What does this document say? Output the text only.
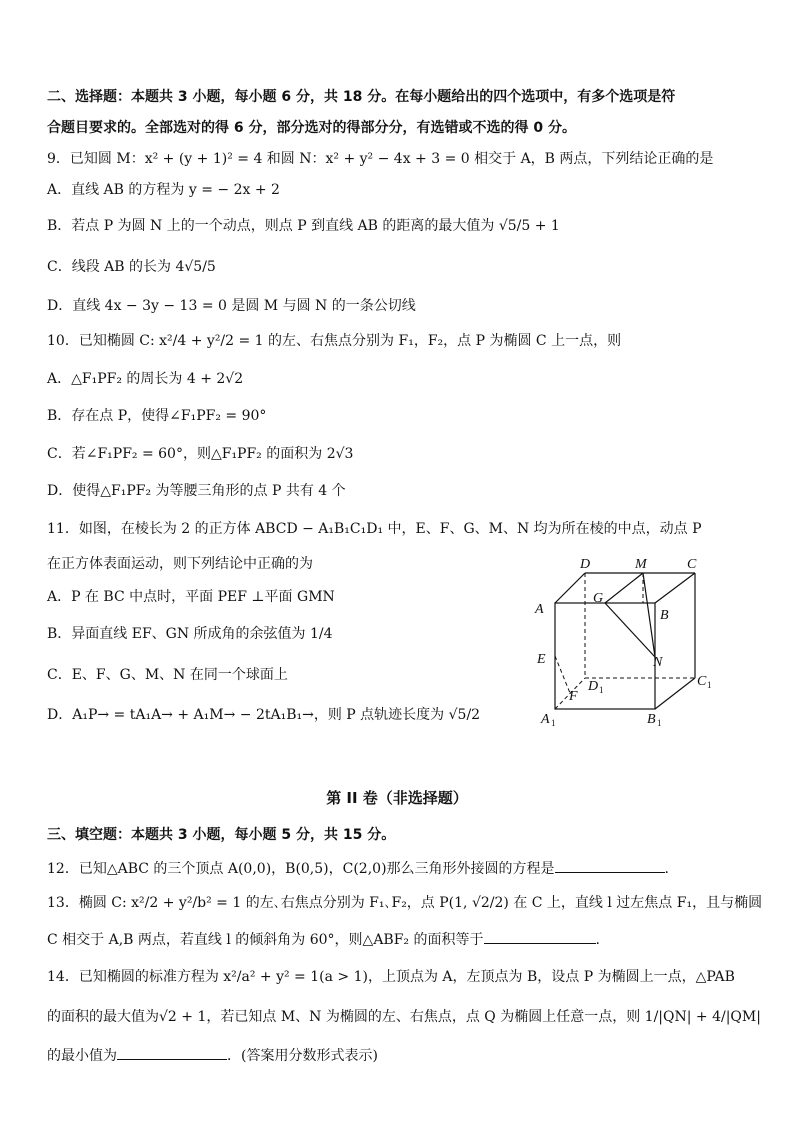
二、选择题：本题共 3 小题，每小题 6 分，共 18 分。在每小题给出的四个选项中，有多个选项是符
合题目要求的。全部选对的得 6 分，部分选对的得部分分，有选错或不选的得 0 分。
9．已知圆 M：x² + (y + 1)² = 4 和圆 N：x² + y² − 4x + 3 = 0 相交于 A，B 两点，下列结论正确的是
A．直线 AB 的方程为 y = − 2x + 2
B．若点 P 为圆 N 上的一个动点，则点 P 到直线 AB 的距离的最大值为 √5/5 + 1
C．线段 AB 的长为 4√5/5
D．直线 4x − 3y − 13 = 0 是圆 M 与圆 N 的一条公切线
10．已知椭圆 C: x²/4 + y²/2 = 1 的左、右焦点分别为 F₁，F₂，点 P 为椭圆 C 上一点，则
A．△F₁PF₂ 的周长为 4 + 2√2
B．存在点 P，使得∠F₁PF₂ = 90°
C．若∠F₁PF₂ = 60°，则△F₁PF₂ 的面积为 2√3
D．使得△F₁PF₂ 为等腰三角形的点 P 共有 4 个
11．如图，在棱长为 2 的正方体 ABCD − A₁B₁C₁D₁ 中，E、F、G、M、N 均为所在棱的中点，动点 P
在正方体表面运动，则下列结论中正确的为
A．P 在 BC 中点时，平面 PEF ⊥平面 GMN
B．异面直线 EF、GN 所成角的余弦值为 1/4
C．E、F、G、M、N 在同一个球面上
D．A₁P→ = tA₁A→ + A₁M→ − 2tA₁B₁→，则 P 点轨迹长度为 √5/2
D	M	C
A
G
B
E	N
D 1
C 1
F
A 1	B 1
第 II 卷（非选择题）
三、填空题：本题共 3 小题，每小题 5 分，共 15 分。
12．已知△ABC 的三个顶点 A(0,0)，B(0,5)，C(2,0)那么三角形外接圆的方程是	.
13．椭圆 C: x²/2 + y²/b² = 1 的左､右焦点分别为 F₁､F₂，点 P(1, √2/2) 在 C 上，直线 l 过左焦点 F₁，且与椭圆
C 相交于 A,B 两点，若直线 l 的倾斜角为 60°，则△ABF₂ 的面积等于	.
14．已知椭圆的标准方程为 x²/a² + y² = 1(a > 1)，上顶点为 A，左顶点为 B，设点 P 为椭圆上一点，△PAB
的面积的最大值为√2 + 1，若已知点 M、N 为椭圆的左、右焦点，点 Q 为椭圆上任意一点，则 1/|QN| + 4/|QM|
的最小值为	．(答案用分数形式表示)
